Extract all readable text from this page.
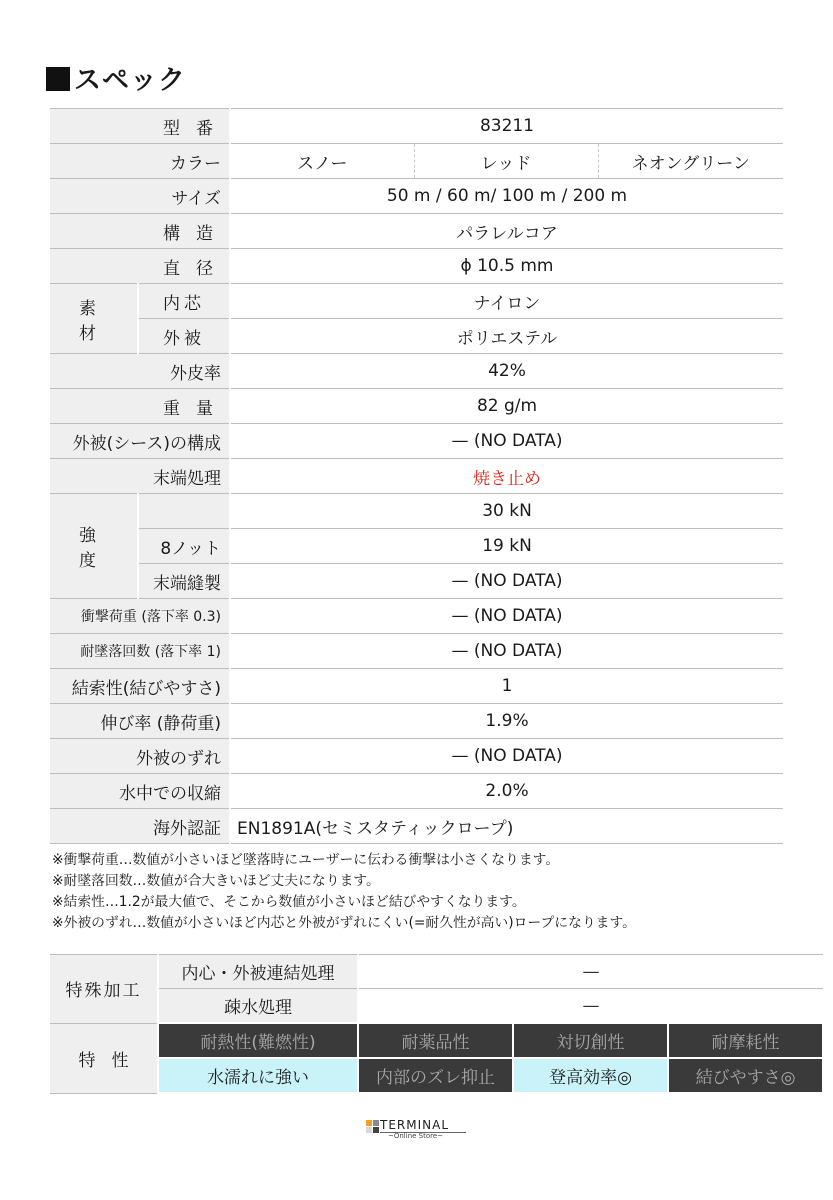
スペック
型番		83211		
カラー		スノー	レッド	ネオングリーン
サイズ		50 m / 60 m/ 100 m / 200 m		
構造		パラレルコア		
直径		ϕ 10.5 mm		
素材	内芯	ナイロン		
	外被	ポリエステル		
外皮率		42%		
重量		82 g/m		
外被(シース)の構成		— (NO DATA)		
末端処理		焼き止め		
強度		30 kN		
	8ノット	19 kN		
	末端縫製	— (NO DATA)		
衝撃荷重 (落下率 0.3)		— (NO DATA)		
耐墜落回数 (落下率 1)		— (NO DATA)		
結索性(結びやすさ)		1		
伸び率 (静荷重)		1.9%		
外被のずれ		— (NO DATA)		
水中での収縮		2.0%		
海外認証		EN1891A(セミスタティックロープ)		
※衝撃荷重…数値が小さいほど墜落時にユーザーに伝わる衝撃は小さくなります。
※耐墜落回数…数値が合大きいほど丈夫になります。
※結索性…1.2が最大値で、そこから数値が小さいほど結びやすくなります。
※外被のずれ…数値が小さいほど内芯と外被がずれにくい(=耐久性が高い)ロープになります。
特殊加工	内心・外被連結処理	—		
	疎水処理	—		
特性	耐熱性(難燃性)	耐薬品性	対切創性	耐摩耗性
	水濡れに強い	内部のズレ抑止	登高効率◎	結びやすさ◎
TERMINAL
~Online Store~
